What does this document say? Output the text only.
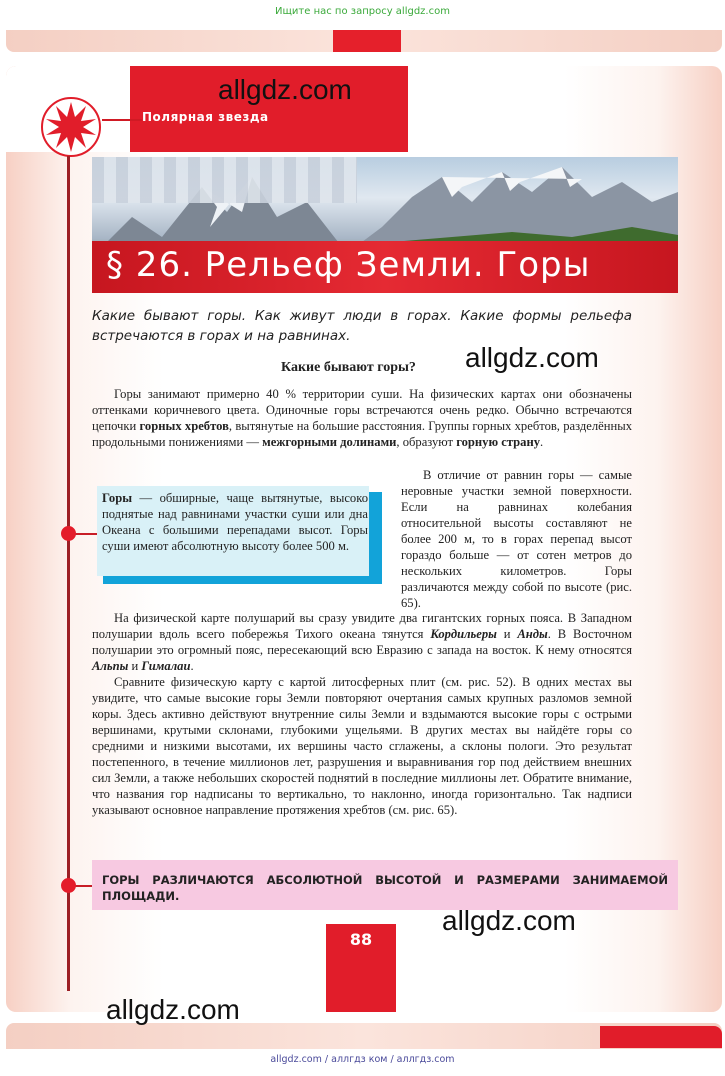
Ищите нас по запросу allgdz.com
Полярная звезда
§ 26. Рельеф Земли. Горы
Какие бывают горы. Как живут люди в горах. Какие формы рельефа встречаются в горах и на равнинах.
Какие бывают горы?

Горы занимают примерно 40 % территории суши. На физических картах они обозначены оттенками коричневого цвета. Одиночные горы встречаются очень редко. Обычно встречаются цепочки горных хребтов, вытянутые на большие расстояния. Группы горных хребтов, разделённых продольными понижениями — межгорными долинами, образуют горную страну.

Горы — обширные, чаще вытянутые, высоко поднятые над равнинами участки суши или дна Океана с большими перепадами высот. Горы суши имеют абсолютную высоту более 500 м.

В отличие от равнин горы — самые неровные участки земной поверхности. Если на равнинах колебания относительной высоты составляют не более 200 м, то в горах перепад высот гораздо больше — от сотен метров до нескольких километров. Горы различаются между собой по высоте (рис. 65).

На физической карте полушарий вы сразу увидите два гигантских горных пояса. В Западном полушарии вдоль всего побережья Тихого океана тянутся Кордильеры и Анды. В Восточном полушарии это огромный пояс, пересекающий всю Евразию с запада на восток. К нему относятся Альпы и Гималаи.

Сравните физическую карту с картой литосферных плит (см. рис. 52). В одних местах вы увидите, что самые высокие горы Земли повторяют очертания самых крупных разломов земной коры. Здесь активно действуют внутренние силы Земли и вздымаются высокие горы с острыми вершинами, крутыми склонами, глубокими ущельями. В других местах вы найдёте горы со средними и низкими высотами, их вершины часто сглажены, а склоны пологи. Это результат постепенного, в течение миллионов лет, разрушения и выравнивания гор под действием внешних сил Земли, а также небольших скоростей поднятий в последние миллионы лет. Обратите внимание, что названия гор надписаны то вертикально, то наклонно, иногда горизонтально. Так надписи указывают основное направление протяжения хребтов (см. рис. 65).

ГОРЫ РАЗЛИЧАЮТСЯ АБСОЛЮТНОЙ ВЫСОТОЙ И РАЗМЕРАМИ ЗАНИМАЕМОЙ ПЛОЩАДИ.
88
allgdz.com
allgdz.com
allgdz.com
allgdz.com
allgdz.com / аллгдз ком / аллгдз.com
